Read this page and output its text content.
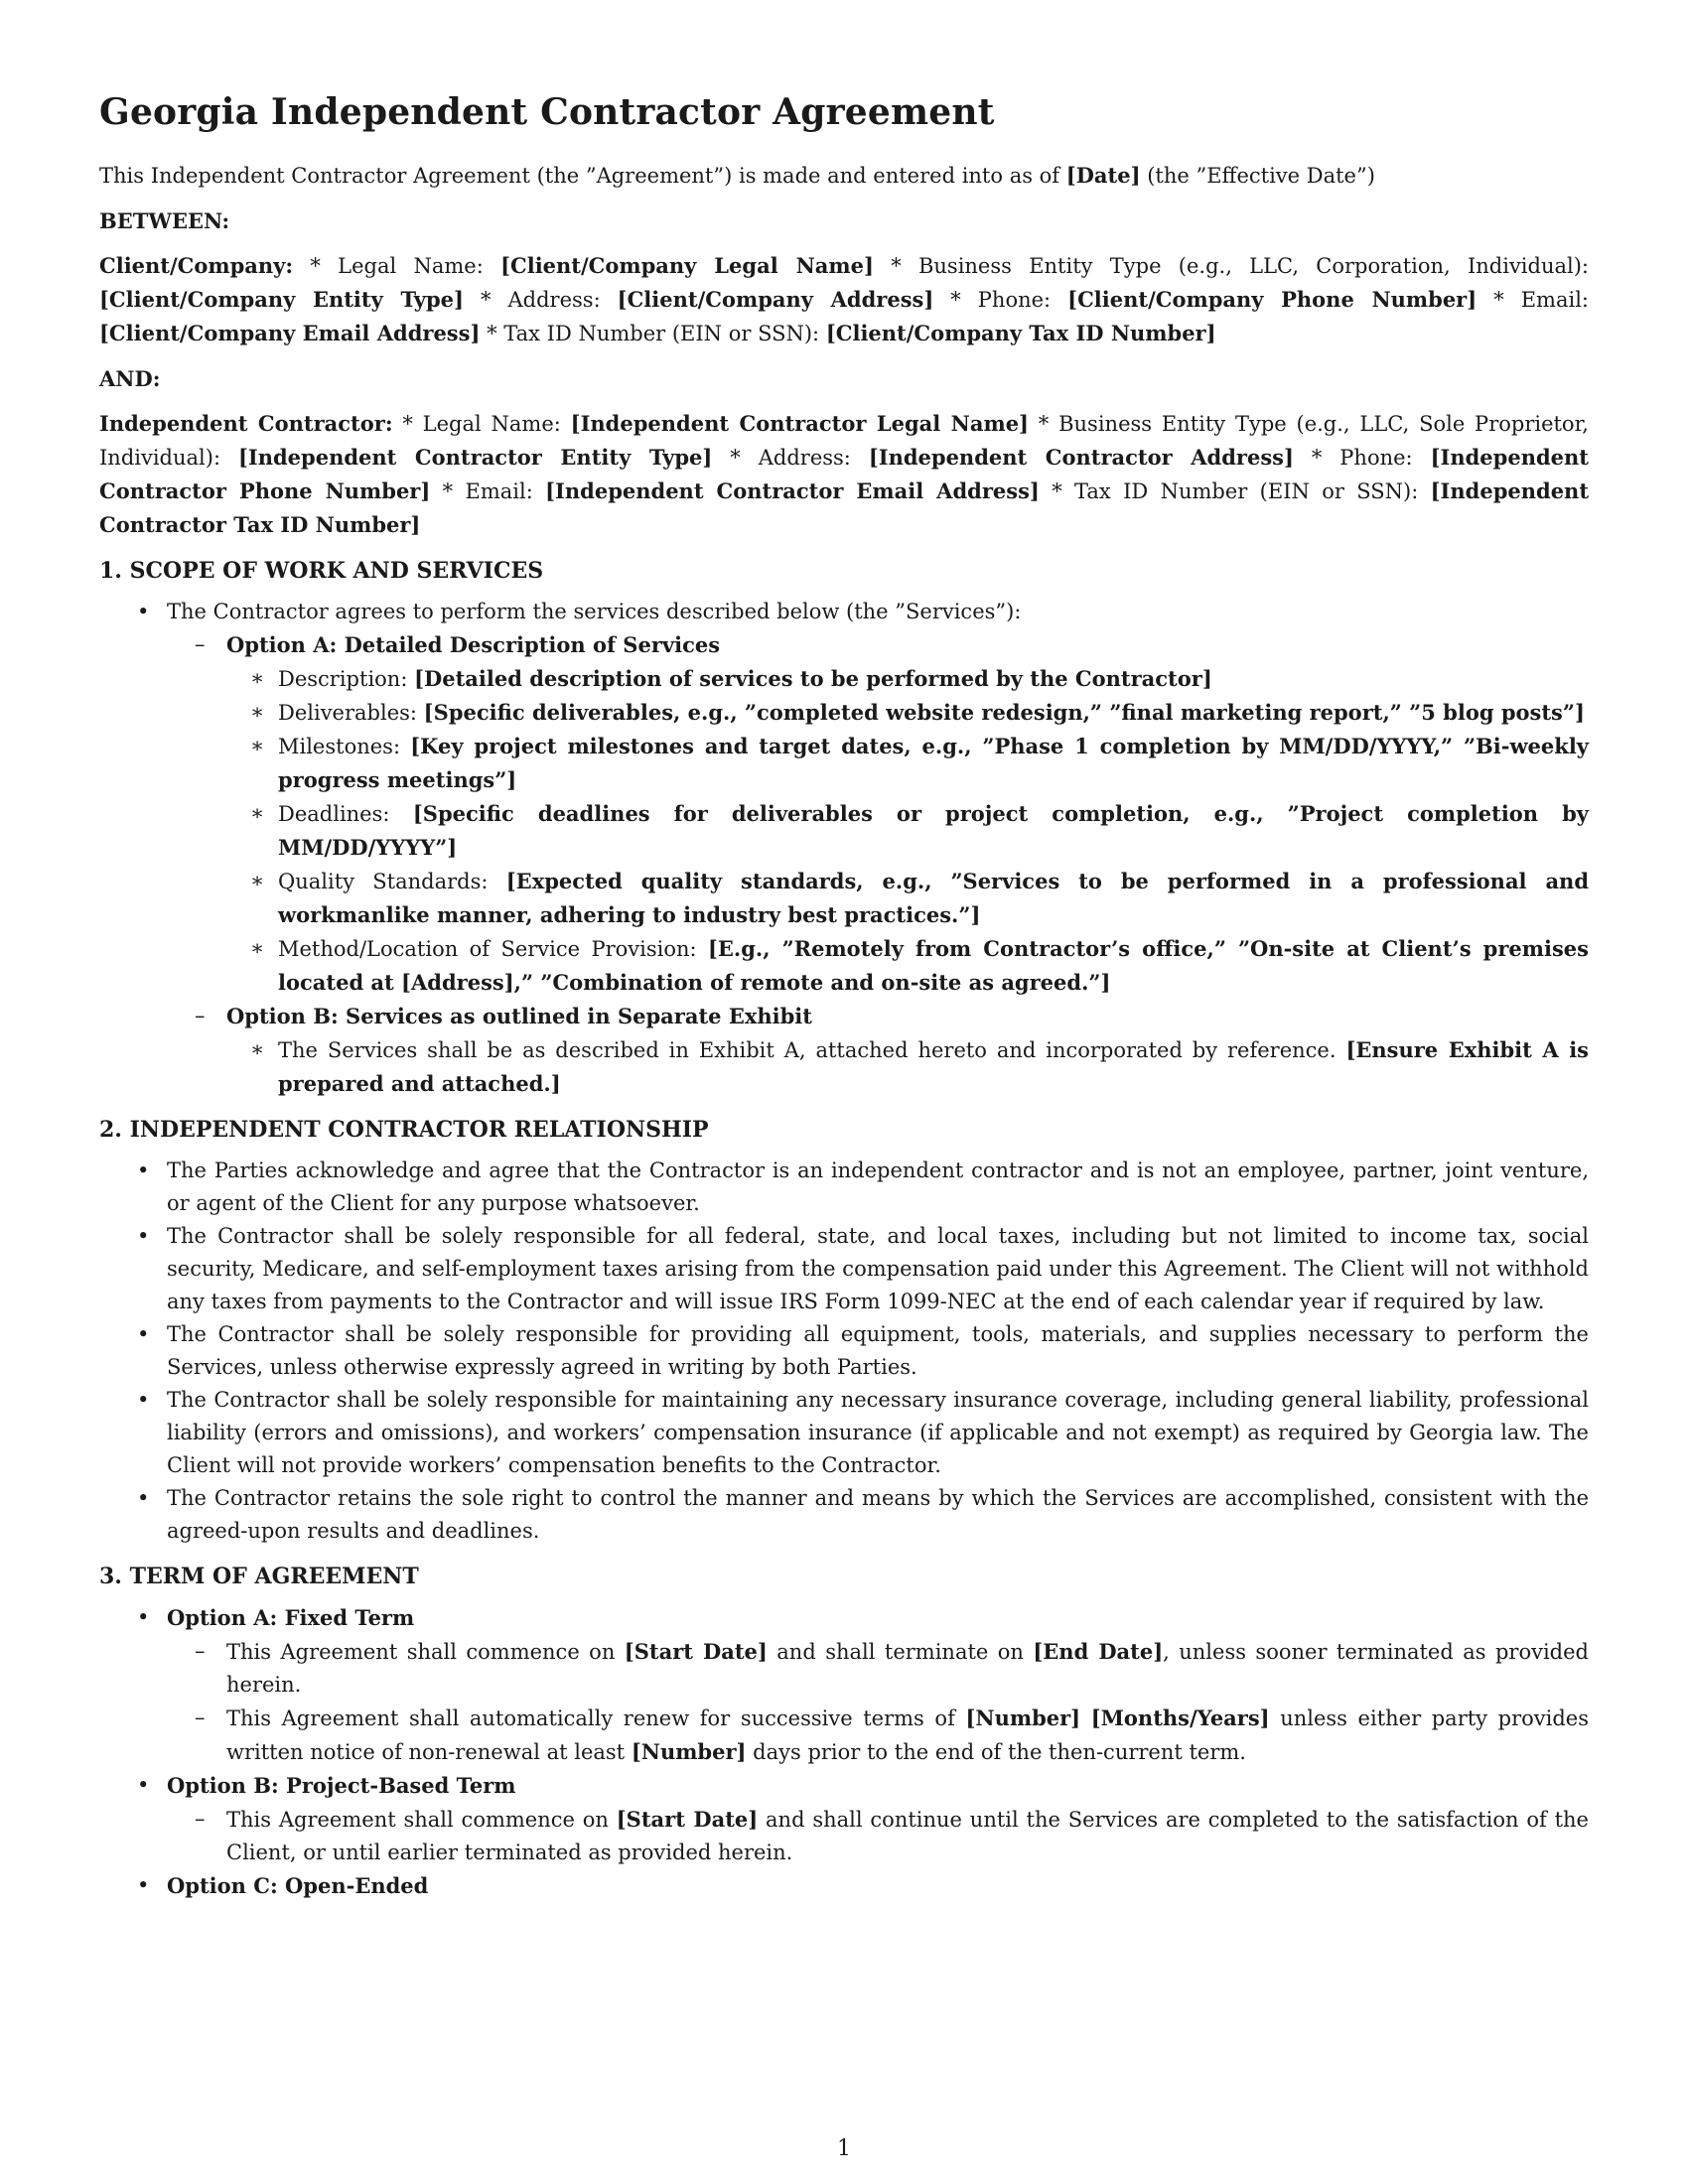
Georgia Independent Contractor Agreement

This Independent Contractor Agreement (the ”Agreement”) is made and entered into as of [Date] (the ”Effective Date”)

BETWEEN:

Client/Company: * Legal Name: [Client/Company Legal Name] * Business Entity Type (e.g., LLC, Corporation, Individual): [Client/Company Entity Type] * Address: [Client/Company Address] * Phone: [Client/Company Phone Number] * Email: [Client/Company Email Address] * Tax ID Number (EIN or SSN): [Client/Company Tax ID Number]

AND:

Independent Contractor: * Legal Name: [Independent Contractor Legal Name] * Business Entity Type (e.g., LLC, Sole Proprietor, Individual): [Independent Contractor Entity Type] * Address: [Independent Contractor Address] * Phone: [Independent Contractor Phone Number] * Email: [Independent Contractor Email Address] * Tax ID Number (EIN or SSN): [Independent Contractor Tax ID Number]

1. SCOPE OF WORK AND SERVICES
• The Contractor agrees to perform the services described below (the ”Services”):
– Option A: Detailed Description of Services
∗ Description: [Detailed description of services to be performed by the Contractor]
∗ Deliverables: [Specific deliverables, e.g., ”completed website redesign,” ”final marketing report,” ”5 blog posts”]
∗ Milestones: [Key project milestones and target dates, e.g., ”Phase 1 completion by MM/DD/YYYY,” ”Bi-weekly progress meetings”]
∗ Deadlines: [Specific deadlines for deliverables or project completion, e.g., ”Project completion by MM/DD/YYYY”]
∗ Quality Standards: [Expected quality standards, e.g., ”Services to be performed in a professional and workmanlike manner, adhering to industry best practices.”]
∗ Method/Location of Service Provision: [E.g., ”Remotely from Contractor’s office,” ”On-site at Client’s premises located at [Address],” ”Combination of remote and on-site as agreed.”]
– Option B: Services as outlined in Separate Exhibit
∗ The Services shall be as described in Exhibit A, attached hereto and incorporated by reference. [Ensure Exhibit A is prepared and attached.]
2. INDEPENDENT CONTRACTOR RELATIONSHIP
• The Parties acknowledge and agree that the Contractor is an independent contractor and is not an employee, partner, joint venture, or agent of the Client for any purpose whatsoever.
• The Contractor shall be solely responsible for all federal, state, and local taxes, including but not limited to income tax, social security, Medicare, and self-employment taxes arising from the compensation paid under this Agreement. The Client will not withhold any taxes from payments to the Contractor and will issue IRS Form 1099-NEC at the end of each calendar year if required by law.
• The Contractor shall be solely responsible for providing all equipment, tools, materials, and supplies necessary to perform the Services, unless otherwise expressly agreed in writing by both Parties.
• The Contractor shall be solely responsible for maintaining any necessary insurance coverage, including general liability, professional liability (errors and omissions), and workers’ compensation insurance (if applicable and not exempt) as required by Georgia law. The Client will not provide workers’ compensation benefits to the Contractor.
• The Contractor retains the sole right to control the manner and means by which the Services are accomplished, consistent with the agreed-upon results and deadlines.
3. TERM OF AGREEMENT
• Option A: Fixed Term
– This Agreement shall commence on [Start Date] and shall terminate on [End Date], unless sooner terminated as provided herein.
– This Agreement shall automatically renew for successive terms of [Number] [Months/Years] unless either party provides written notice of non-renewal at least [Number] days prior to the end of the then-current term.
• Option B: Project-Based Term
– This Agreement shall commence on [Start Date] and shall continue until the Services are completed to the satisfaction of the Client, or until earlier terminated as provided herein.
• Option C: Open-Ended
1
